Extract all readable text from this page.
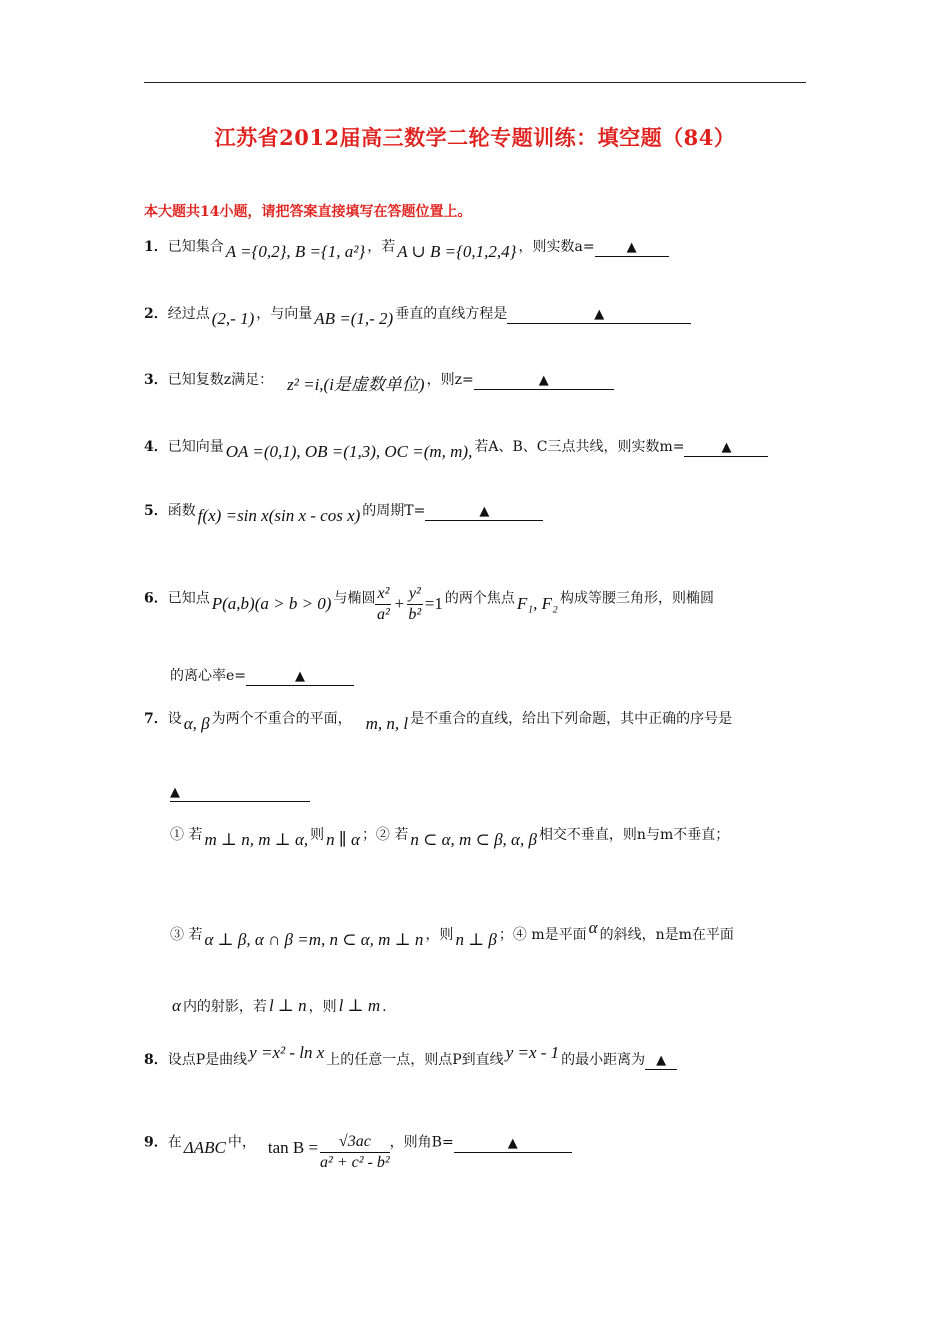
江苏省2012届高三数学二轮专题训练：填空题（84）
本大题共14小题，请把答案直接填写在答题位置上。
1．已知集合 A ={0,2}, B ={1, a²} ，若 A ∪ B ={0,1,2,4} ，则实数a= ▲
2．经过点 (2,- 1) ，与向量 AB =(1,- 2) 垂直的直线方程是	▲
3．已知复数z满足： z² =i,(i是虚数单位) ，则z=	▲
4．已知向量 OA =(0,1), OB =(1,3), OC =(m, m), 若A、B、C三点共线，则实数m=	▲
5．函数 f(x) =sin x(sin x - cos x) 的周期T=	▲
6．已知点 P(a,b)(a > b > 0) 与椭圆 $\frac{\text{x²}}{\text{a²}} + \frac{\text{y²}}{\text{b²}} =1$ 的两个焦点 F₁, F₂ 构成等腰三角形，则椭圆
的离心率e=	▲
7．设 α, β 为两个不重合的平面， m, n, l 是不重合的直线，给出下列命题，其中正确的序号是
▲
① 若 m ⊥ n, m ⊥ α, 则 n ∥ α ；② 若 n ⊂ α, m ⊂ β, α, β 相交不垂直，则n与m不垂直；
③ 若 α ⊥ β, α ∩ β =m, n ⊂ α, m ⊥ n ，则 n ⊥ β ；④ m是平面 α 的斜线，n是m在平面
α 内的射影，若 l ⊥ n ，则 l ⊥ m .
8．设点P是曲线 y =x² - ln x 上的任意一点，则点P到直线 y =x - 1 的最小距离为 ▲
9．在 ΔABC 中， $\tan B = \frac{√3ac}{\text{a² + c² - b²}}$ ，则角B=	▲
